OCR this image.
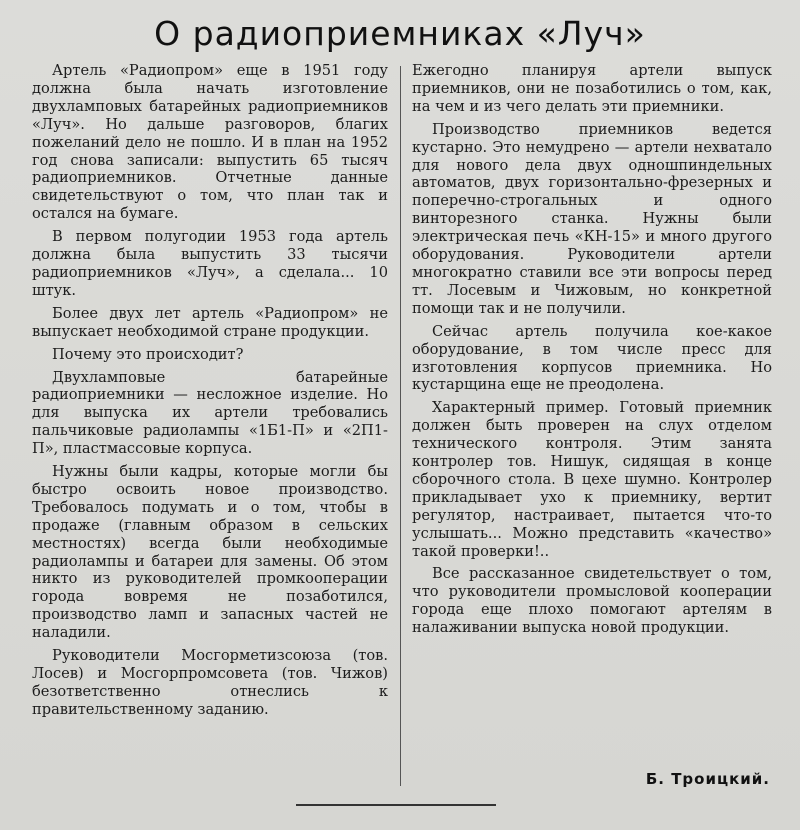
О радиоприемниках «Луч»

Артель «Радиопром» еще в 1951 году должна была начать изготовление двухламповых батарейных радиоприемников «Луч». Но дальше разговоров, благих пожеланий дело не пошло. И в план на 1952 год снова записали: выпустить 65 тысяч радиоприемников. Отчетные данные свидетельствуют о том, что план так и остался на бумаге.

В первом полугодии 1953 года артель должна была выпустить 33 тысячи радиоприемников «Луч», а сделала... 10 штук.

Более двух лет артель «Радиопром» не выпускает необходимой стране продукции.

Почему это происходит?

Двухламповые батарейные радиоприемники — несложное изделие. Но для выпуска их артели требовались пальчиковые радиолампы «1Б1-П» и «2П1-П», пластмассовые корпуса.

Нужны были кадры, которые могли бы быстро освоить новое производство. Требовалось подумать и о том, чтобы в продаже (главным образом в сельских местностях) всегда были необходимые радиолампы и батареи для замены. Об этом никто из руководителей промкооперации города вовремя не позаботился, производство ламп и запасных частей не наладили.

Руководители Мосгорметизсоюза (тов. Лосев) и Мосгорпромсовета (тов. Чижов) безответственно отнеслись к правительственному заданию.

Ежегодно планируя артели выпуск приемников, они не позаботились о том, как, на чем и из чего делать эти приемники.

Производство приемников ведется кустарно. Это немудрено — артели нехватало для нового дела двух одношпиндельных автоматов, двух горизонтально-фрезерных и поперечно-строгальных и одного винторезного станка. Нужны были электрическая печь «КН-15» и много другого оборудования. Руководители артели многократно ставили все эти вопросы перед тт. Лосевым и Чижовым, но конкретной помощи так и не получили.

Сейчас артель получила кое-какое оборудование, в том числе пресс для изготовления корпусов приемника. Но кустарщина еще не преодолена.

Характерный пример. Готовый приемник должен быть проверен на слух отделом технического контроля. Этим занята контролер тов. Нишук, сидящая в конце сборочного стола. В цехе шумно. Контролер прикладывает ухо к приемнику, вертит регулятор, настраивает, пытается что-то услышать... Можно представить «качество» такой проверки!..

Все рассказанное свидетельствует о том, что руководители промысловой кооперации города еще плохо помогают артелям в налаживании выпуска новой продукции.

Б. Троицкий.
